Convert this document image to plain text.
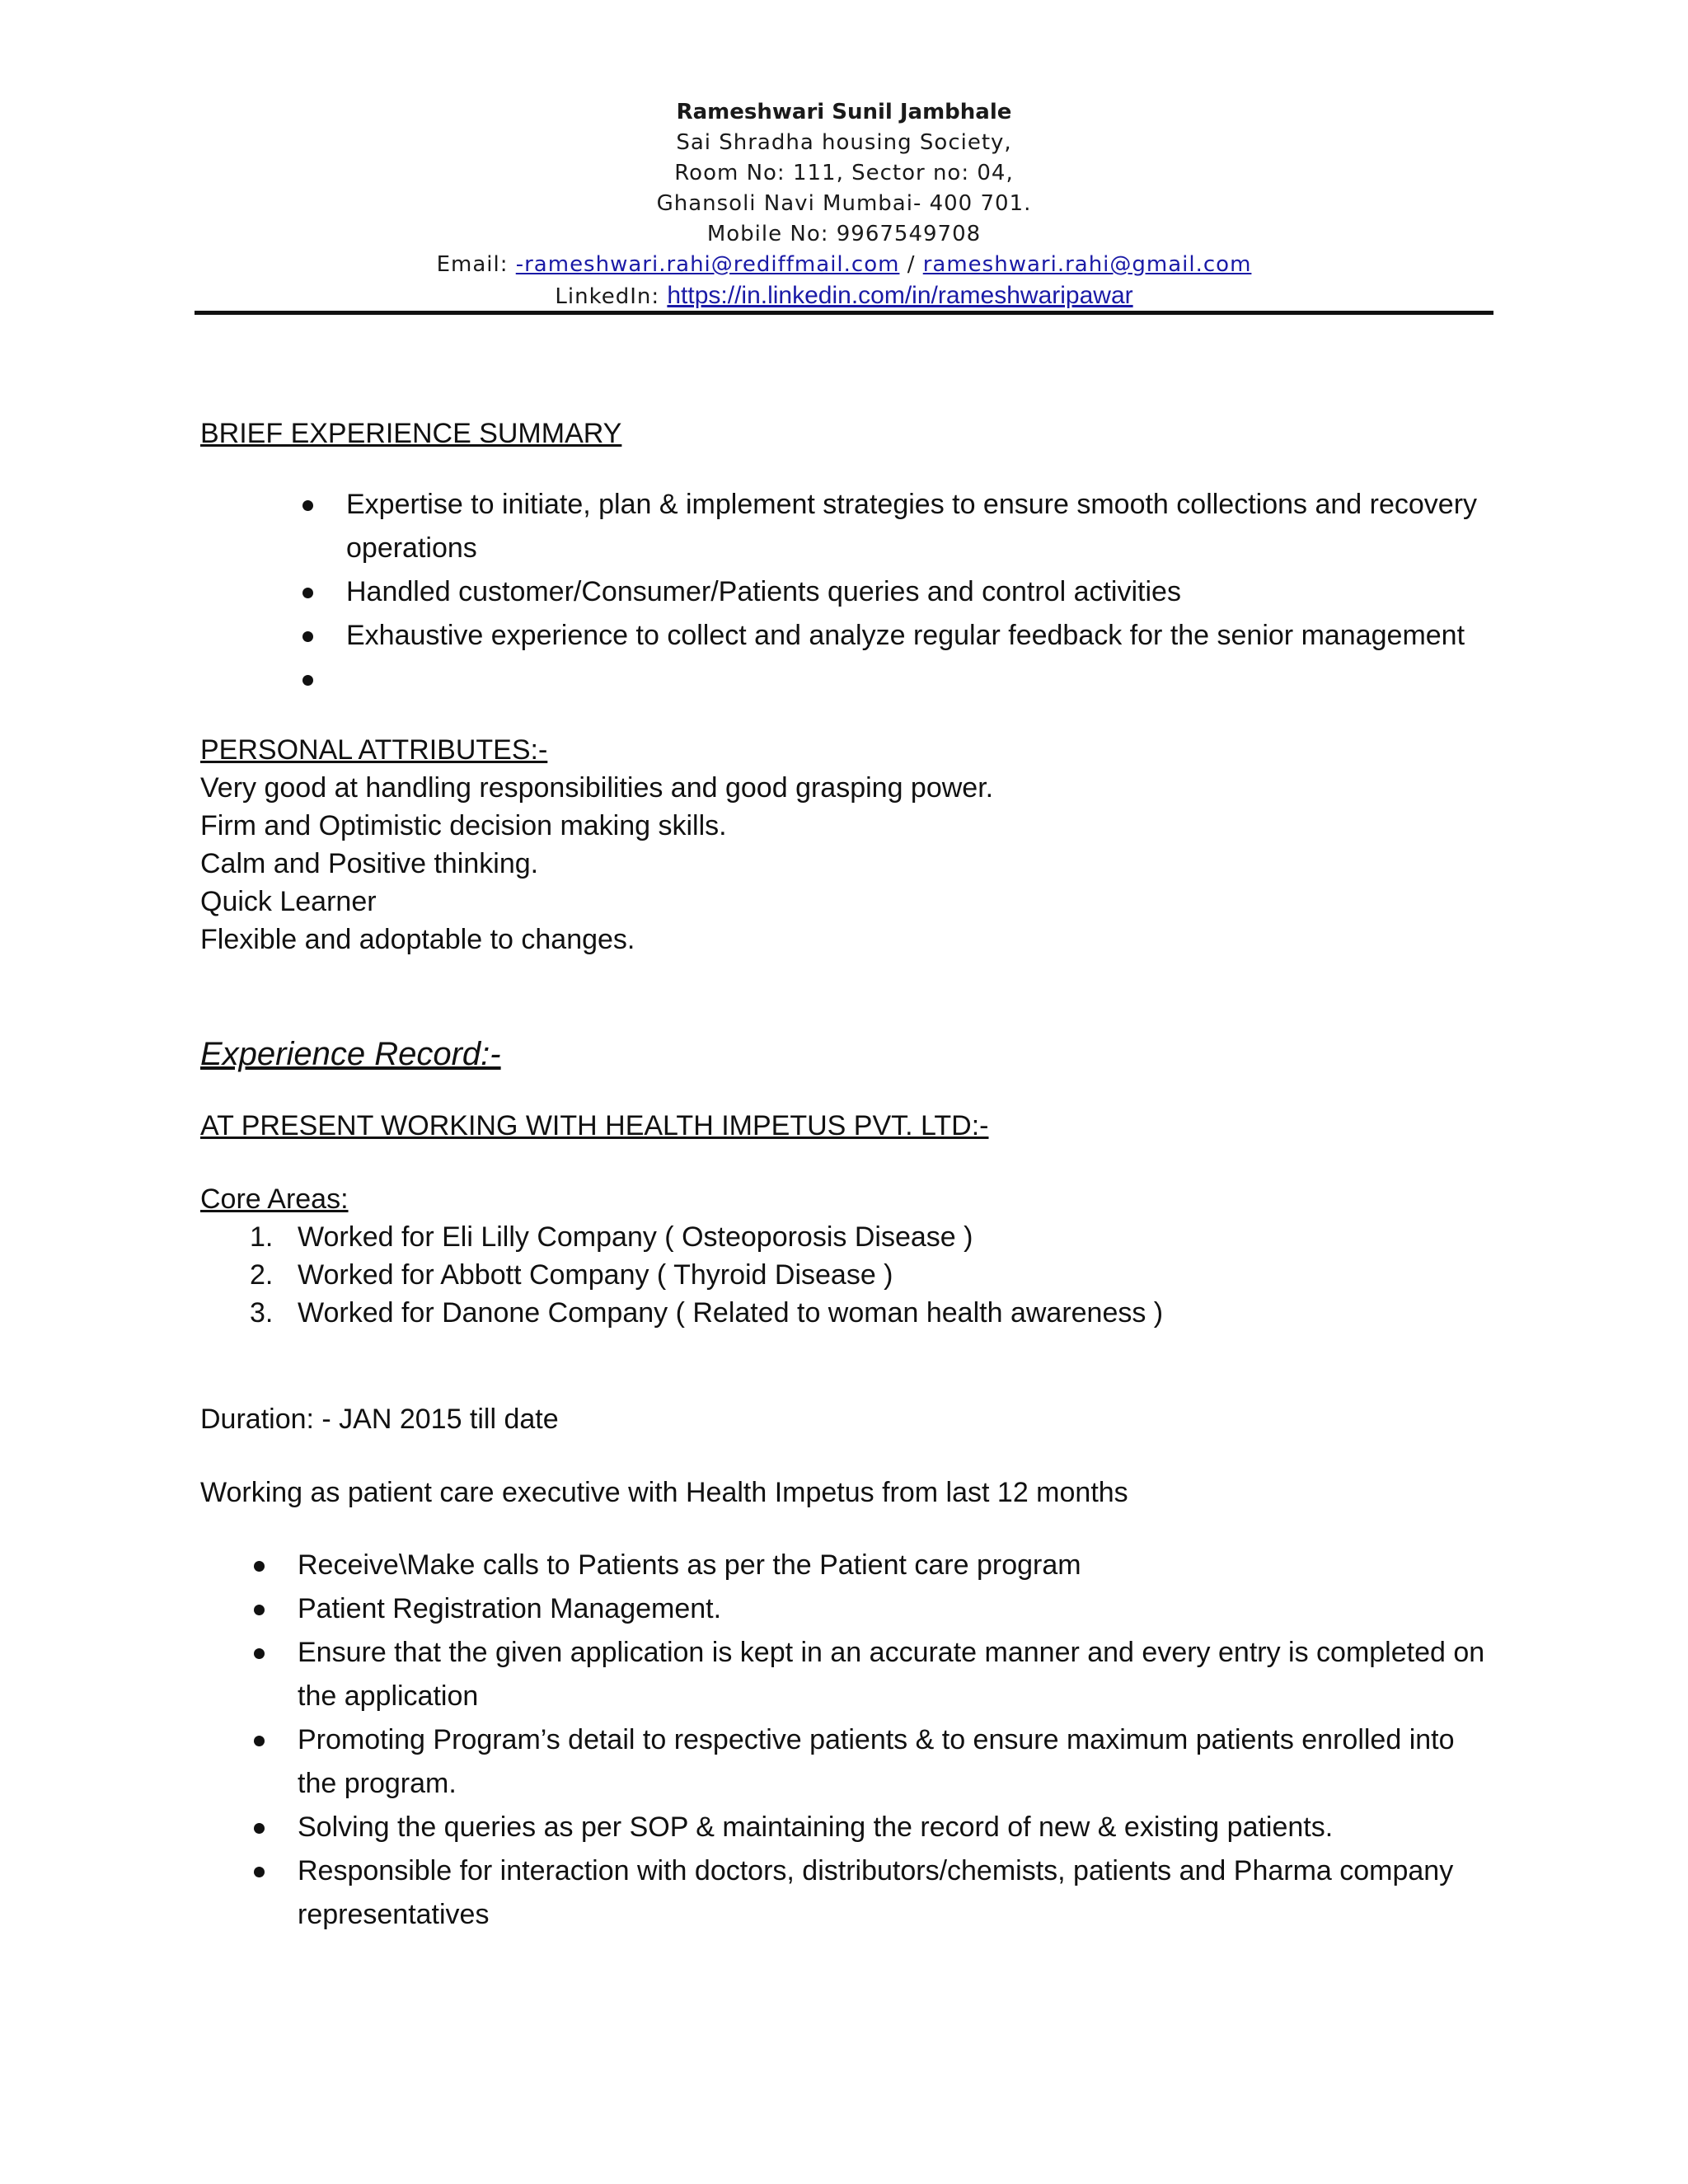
Rameshwari Sunil Jambhale
Sai Shradha housing Society,
Room No: 111, Sector no: 04,
Ghansoli Navi Mumbai- 400 701.
Mobile No: 9967549708
Email: -rameshwari.rahi@rediffmail.com / rameshwari.rahi@gmail.com
LinkedIn: https://in.linkedin.com/in/rameshwaripawar
BRIEF EXPERIENCE SUMMARY
Expertise to initiate, plan & implement strategies to ensure smooth collections and recovery
operations
Handled customer/Consumer/Patients queries and control activities
Exhaustive experience to collect and analyze regular feedback for the senior management

PERSONAL ATTRIBUTES:-
Very good at handling responsibilities and good grasping power.
Firm and Optimistic decision making skills.
Calm and Positive thinking.
Quick Learner
Flexible and adoptable to changes.
Experience Record:-
AT PRESENT WORKING WITH HEALTH IMPETUS PVT. LTD:-
Core Areas:
1. Worked for Eli Lilly Company ( Osteoporosis Disease )
2. Worked for Abbott Company ( Thyroid Disease )
3. Worked for Danone Company ( Related to woman health awareness )
Duration: - JAN 2015 till date
Working as patient care executive with Health Impetus from last 12 months
Receive\Make calls to Patients as per the Patient care program
Patient Registration Management.
Ensure that the given application is kept in an accurate manner and every entry is completed on
the application
Promoting Program’s detail to respective patients & to ensure maximum patients enrolled into
the program.
Solving the queries as per SOP & maintaining the record of new & existing patients.
Responsible for interaction with doctors, distributors/chemists, patients and Pharma company
representatives
